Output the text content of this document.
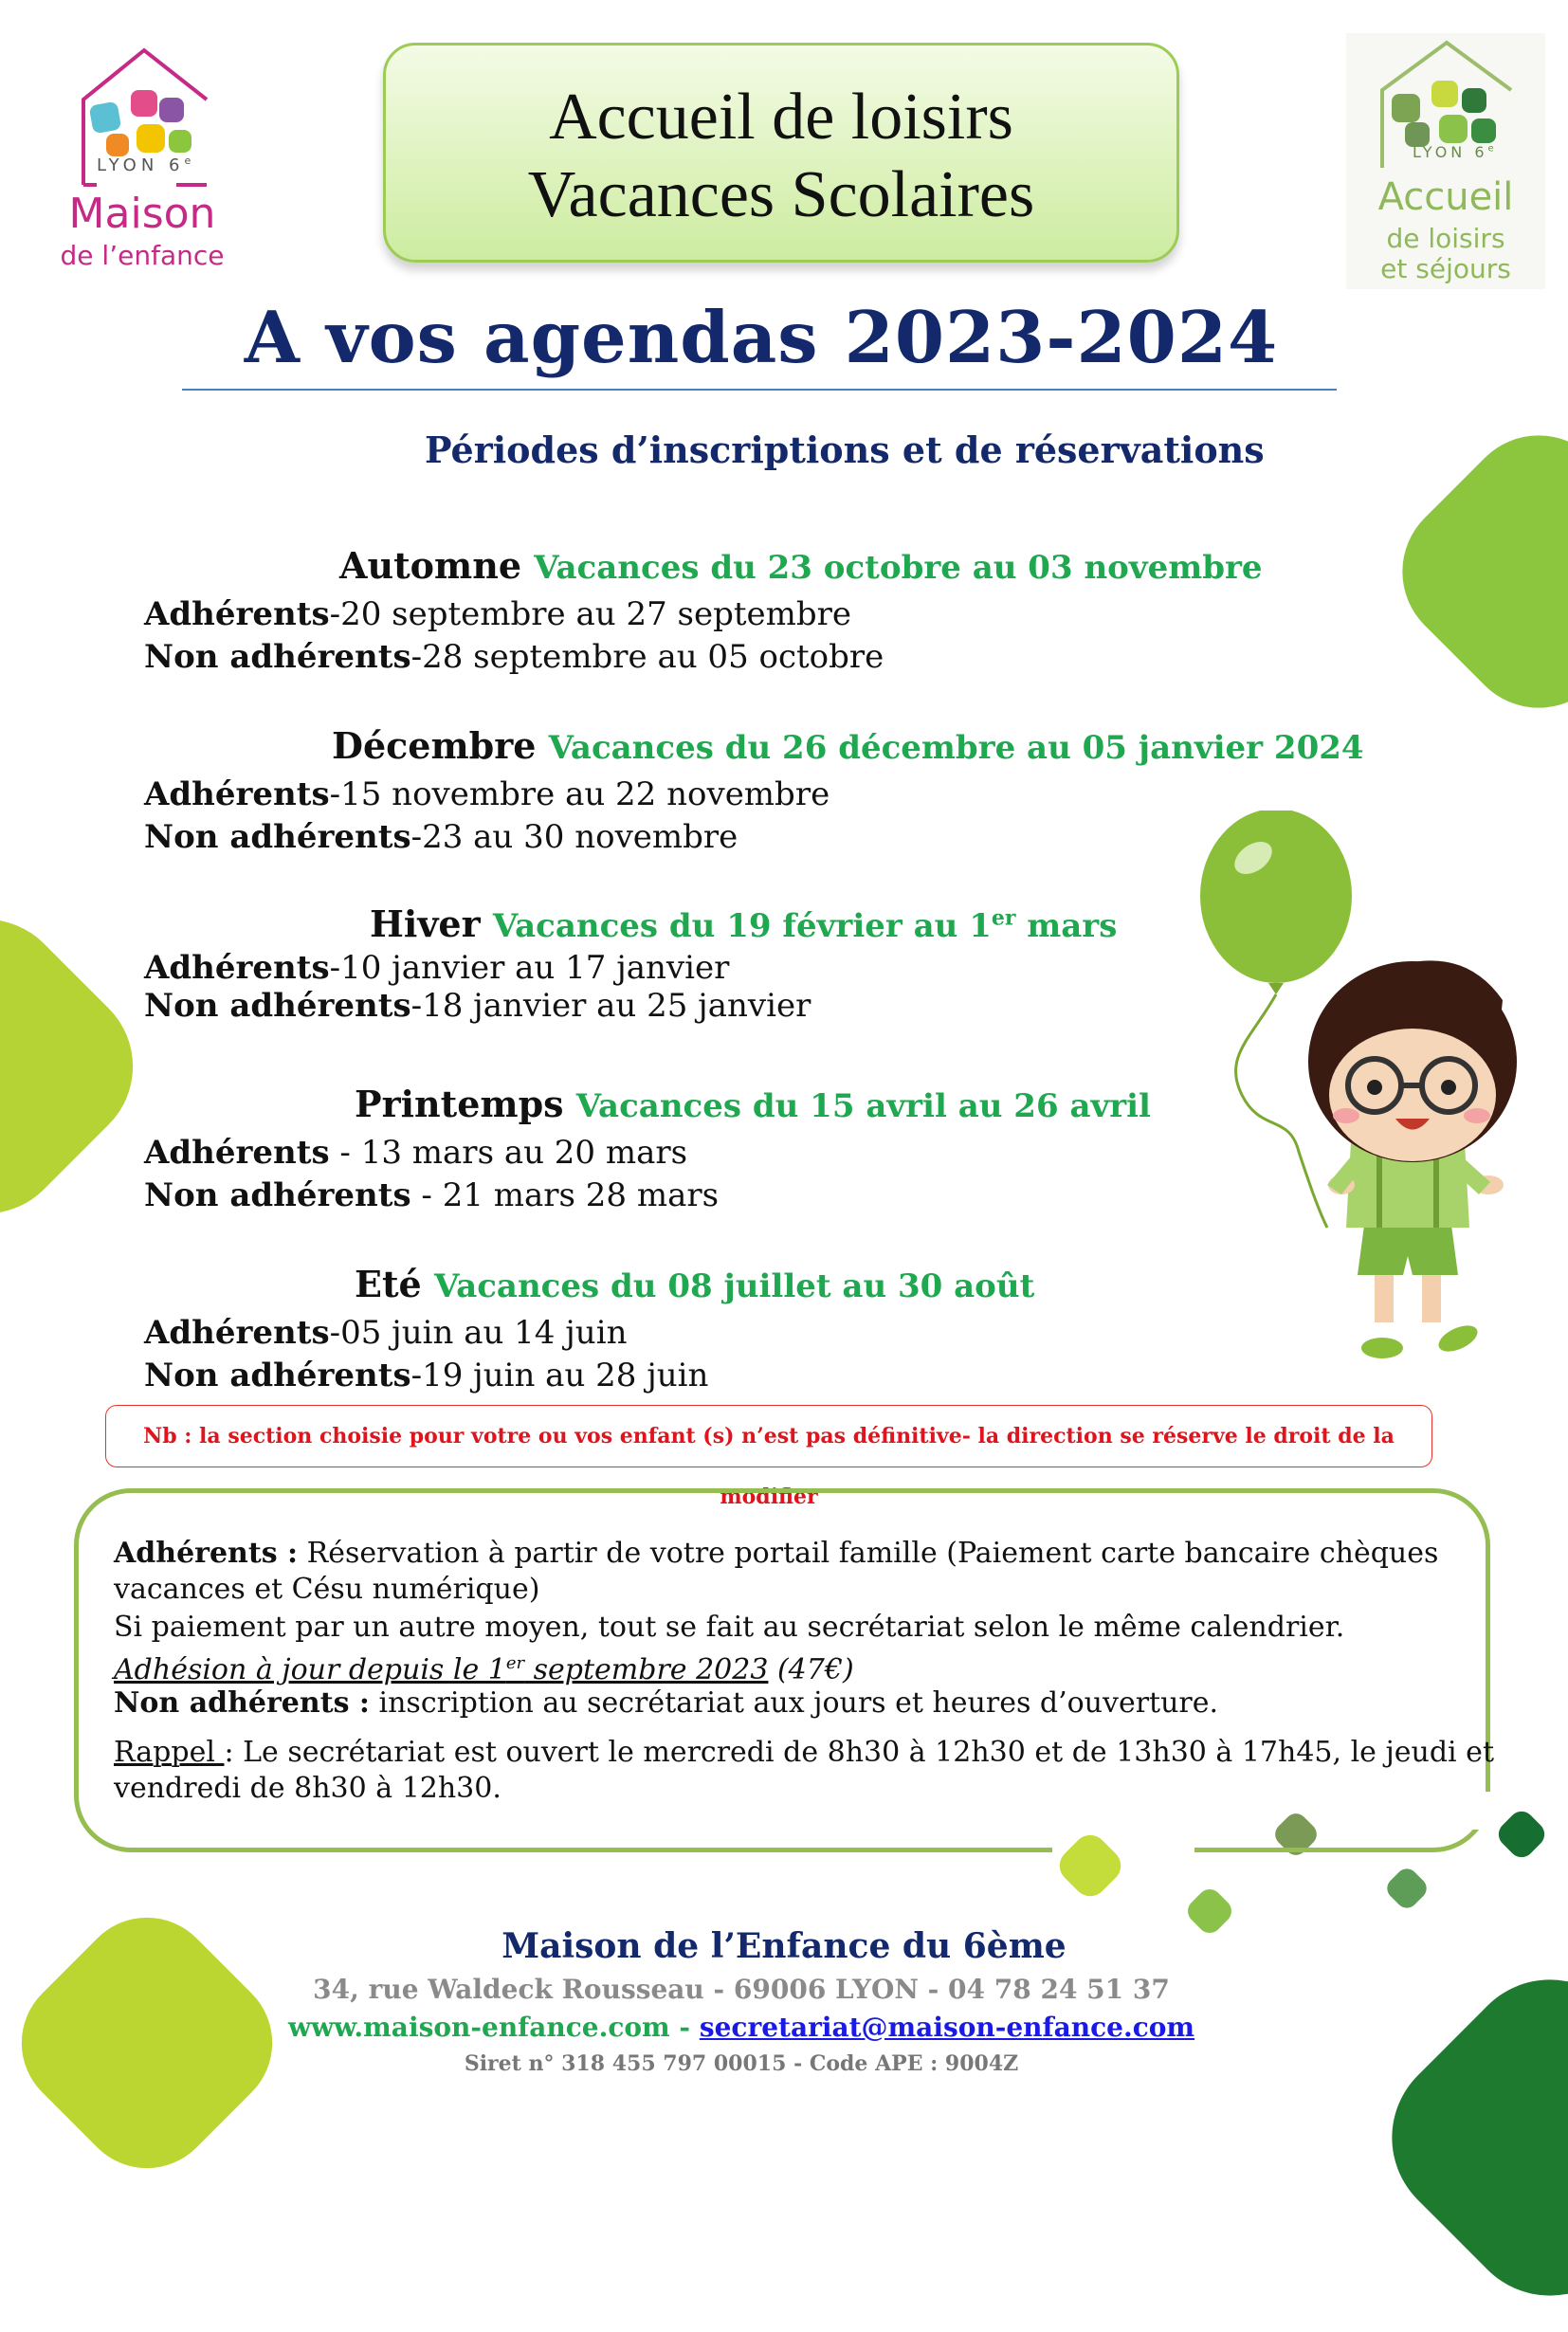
LYON 6e
Maison
de l’enfance
LYON 6e
Accueil
de loisirs
et séjours
Accueil de loisirs
Vacances Scolaires
A vos agendas 2023-2024
Périodes d’inscriptions et de réservations
Automne Vacances du 23 octobre au 03 novembre
Adhérents-20 septembre au 27 septembre
Non adhérents-28 septembre au 05 octobre
Décembre Vacances du 26 décembre au 05 janvier 2024
Adhérents-15 novembre au 22 novembre
Non adhérents-23 au 30 novembre
Hiver Vacances du 19 février au 1er mars
Adhérents-10 janvier au 17 janvier
Non adhérents-18 janvier au 25 janvier
Printemps Vacances du 15 avril au 26 avril
Adhérents - 13 mars au 20 mars
Non adhérents - 21 mars 28 mars
Eté Vacances du 08 juillet au 30 août
Adhérents-05 juin au 14 juin
Non adhérents-19 juin au 28 juin
Nb : la section choisie pour votre ou vos enfant (s) n’est pas définitive- la direction se réserve le droit de la modifier
Adhérents : Réservation à partir de votre portail famille (Paiement carte bancaire chèques
vacances et Césu numérique)
Si paiement par un autre moyen, tout se fait au secrétariat selon le même calendrier.
Adhésion à jour depuis le 1er septembre 2023 (47€)
Non adhérents : inscription au secrétariat aux jours et heures d’ouverture.
Rappel : Le secrétariat est ouvert le mercredi de 8h30 à 12h30 et de 13h30 à 17h45, le jeudi et
vendredi de 8h30 à 12h30.
Maison de l’Enfance du 6ème
34, rue Waldeck Rousseau - 69006 LYON - 04 78 24 51 37
www.maison-enfance.com - secretariat@maison-enfance.com
Siret n° 318 455 797 00015 - Code APE : 9004Z
